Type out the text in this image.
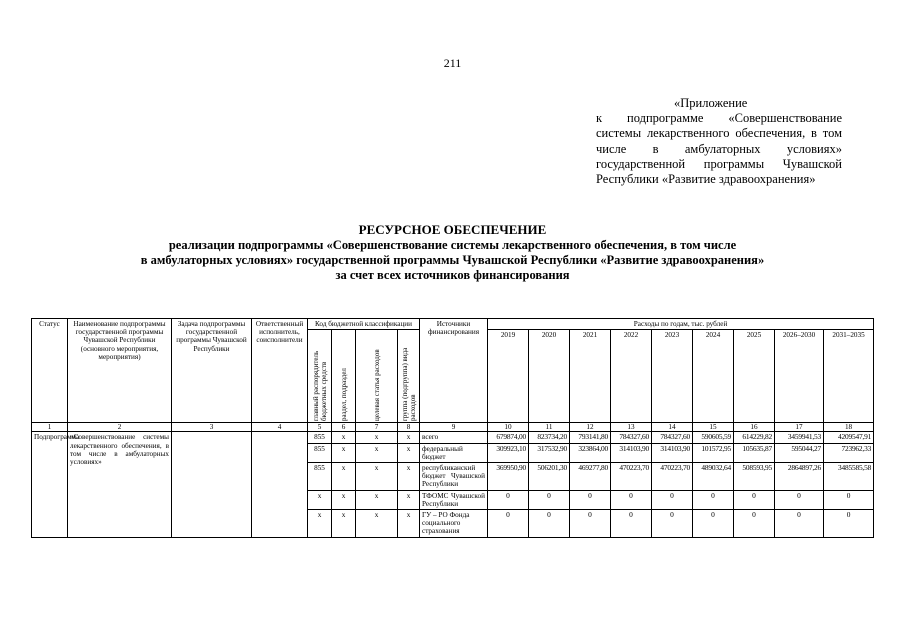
211
«Приложение
к подпрограмме «Совершенствование системы лекарственного обеспечения, в том числе в амбулаторных условиях» государственной программы Чувашской Республики «Развитие здравоохранения»
РЕСУРСНОЕ ОБЕСПЕЧЕНИЕ
реализации подпрограммы «Совершенствование системы лекарственного обеспечения, в том числе
в амбулаторных условиях» государственной программы Чувашской Республики «Развитие здравоохранения»
за счет всех источников финансирования
Статус	Наименование подпрограммы государственной программы Чувашской Республики (основного мероприятия, мероприятия)	Задача подпрограммы государственной программы Чувашской Республики	Ответственный исполнитель, соисполнители	Код бюджетной классификации				Источники финансирования	Расходы по годам, тыс. рублей								

				главный распорядитель бюджетных средств	раздел, подраздел	целевая статья расходов	группа (подгруппа) вида расходов		2019	2020	2021	2022	2023	2024	2025	2026–2030	2031–2035
1	2	3	4	5	6	7	8	9	10	11	12	13	14	15	16	17	18
Подпрограмма	«Совершенствование системы лекарственного обеспечения, в том числе в амбулаторных условиях»			855	x	x	x	всего	679874,00	823734,20	793141,80	784327,60	784327,60	590605,59	614229,82	3459941,53	4209547,91
				855	x	x	x	федеральный бюджет	309923,10	317532,90	323864,00	314103,90	314103,90	101572,95	105635,87	595044,27	723962,33
				855	x	x	x	республиканский бюджет Чувашской Республики	369950,90	506201,30	469277,80	470223,70	470223,70	489032,64	508593,95	2864897,26	3485585,58
				x	x	x	x	ТФОМС Чувашской Республики	0	0	0	0	0	0	0	0	0
				x	x	x	x	ГУ – РО Фонда социального страхования	0	0	0	0	0	0	0	0	0
